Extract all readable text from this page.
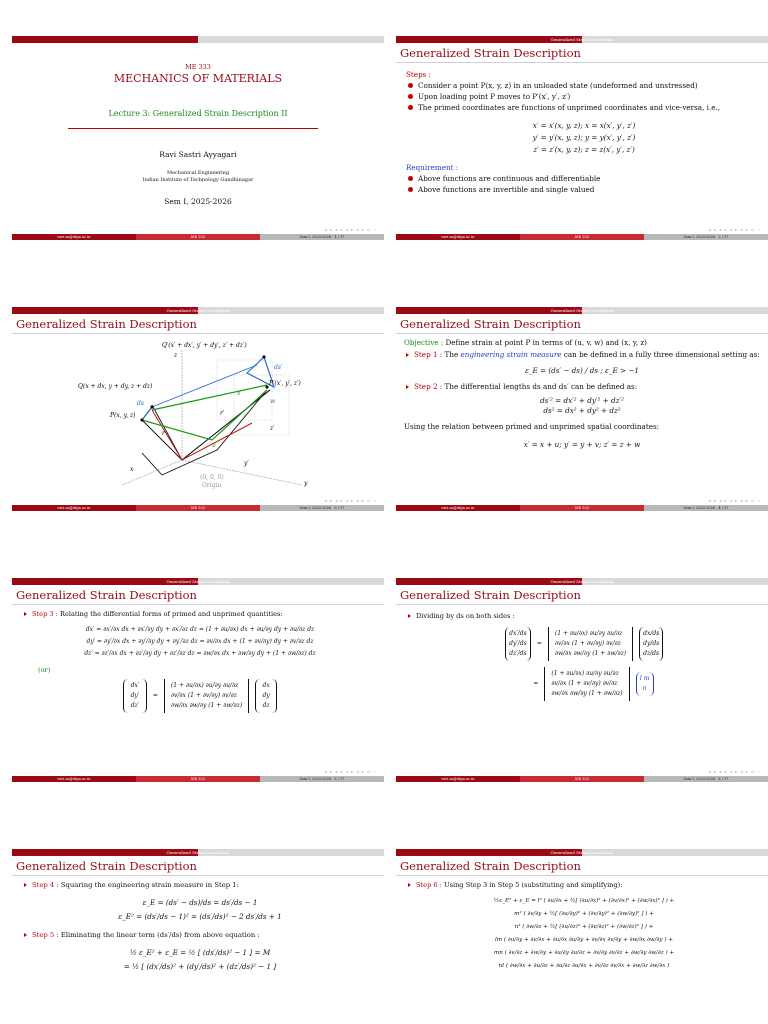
ME 333
MECHANICS OF MATERIALS
Lecture 3: Generalized Strain Description II
Ravi Sastri Ayyagari
Mechanical Engineering
Indian Institute of Technology Gandhinagar
Sem I, 2025-2026
◂ ▸ ◂ ▸ ◂ ▸ ◂ ▸ ↺ ∽
ravi.sa@iitgn.ac.in	ME 333	Sem I, 2025-2026 1 / 17
Generalized Strain Description
Generalized Strain Description
Steps :
Consider a point P(x, y, z) in an unloaded state (undeformed and unstressed)
Upon loading point P moves to P′(x′, y′, z′)
The primed coordinates are functions of unprimed coordinates and vice-versa, i.e.,
x′ = x′(x, y, z); x = x(x′, y′, z′)
y′ = y′(x, y, z); y = y(x′, y′, z′)
z′ = z′(x, y, z); z = z(x′, y′, z′)
Requirement :
Above functions are continuous and differentiable
Above functions are invertible and single valued
◂ ▸ ◂ ▸ ◂ ▸ ◂ ▸ ↺ ∽
ravi.sa@iitgn.ac.in	ME 333	Sem I, 2025-2026 2 / 17
Generalized Strain Description
Generalized Strain Description
Q′(x′ + dx′, y′ + dy′, z′ + dz′)
Q(x + dx, y + dy, z + dz)
P(x, y, z)
P′(x′, y′, z′)
ds
ds′
w
v
u
r
r′
z′
y′
z
x
y
(0, 0, 0)
Origin
◂ ▸ ◂ ▸ ◂ ▸ ◂ ▸ ↺ ∽
ravi.sa@iitgn.ac.in	ME 333	Sem I, 2025-2026 3 / 17
Generalized Strain Description
Generalized Strain Description
Objective : Define strain at point P in terms of (u, v, w) and (x, y, z)
Step 1 : The engineering strain measure can be defined in a fully three dimensional setting as:
ε_E = (ds′ − ds) / ds ; ε_E > −1
Step 2 : The differential lengths ds and ds′ can be defined as:
ds′² = dx′² + dy′² + dz′²
ds² = dx² + dy² + dz²
Using the relation between primed and unprimed spatial coordinates:
x′ = x + u; y′ = y + v; z′ = z + w
◂ ▸ ◂ ▸ ◂ ▸ ◂ ▸ ↺ ∽
ravi.sa@iitgn.ac.in	ME 333	Sem I, 2025-2026 4 / 17
Generalized Strain Description
Generalized Strain Description
Step 3 : Relating the differential forms of primed and unprimed quantities:
dx′ = ∂x′/∂x dx + ∂x′/∂y dy + ∂x′/∂z dz = (1 + ∂u/∂x) dx + ∂u/∂y dy + ∂u/∂z dz
dy′ = ∂y′/∂x dx + ∂y′/∂y dy + ∂y′/∂z dz = ∂v/∂x dx + (1 + ∂v/∂y) dy + ∂v/∂z dz
dz′ = ∂z′/∂x dx + ∂z′/∂y dy + ∂z′/∂z dz = ∂w/∂x dx + ∂w/∂y dy + (1 + ∂w/∂z) dz
(or)
dx′ dy′ dz′
=
(1 + ∂u/∂x) ∂u/∂y ∂u/∂z
∂v/∂x (1 + ∂v/∂y) ∂v/∂z
∂w/∂x ∂w/∂y (1 + ∂w/∂z)
dx dy dz
◂ ▸ ◂ ▸ ◂ ▸ ◂ ▸ ↺ ∽
ravi.sa@iitgn.ac.in	ME 333	Sem I, 2025-2026 5 / 17
Generalized Strain Description
Generalized Strain Description
Dividing by ds on both sides :
dx′/ds dy′/ds dz′/ds
=
(1 + ∂u/∂x) ∂u/∂y ∂u/∂z
∂v/∂x (1 + ∂v/∂y) ∂v/∂z
∂w/∂x ∂w/∂y (1 + ∂w/∂z)
dx/ds dy/ds dz/ds
=
(1 + ∂u/∂x) ∂u/∂y ∂u/∂z
∂v/∂x (1 + ∂v/∂y) ∂v/∂z
∂w/∂x ∂w/∂y (1 + ∂w/∂z)
l m n
◂ ▸ ◂ ▸ ◂ ▸ ◂ ▸ ↺ ∽
ravi.sa@iitgn.ac.in	ME 333	Sem I, 2025-2026 6 / 17
Generalized Strain Description
Generalized Strain Description
Step 4 : Squaring the engineering strain measure in Step 1:
ε_E = (ds′ − ds)/ds = ds′/ds − 1
ε_E² = (ds′/ds − 1)² = (ds′/ds)² − 2 ds′/ds + 1
Step 5 : Eliminating the linear term (ds′/ds) from above equation :
½ ε_E² + ε_E = ½ [ (ds′/ds)² − 1 ] = M
= ½ [ (dx′/ds)² + (dy′/ds)² + (dz′/ds)² − 1 ]
Generalized Strain Description
Generalized Strain Description
Step 6 : Using Step 3 in Step 5 (substituting and simplifying):
½ε_E² + ε_E = l² ( ∂u/∂x + ½[ (∂u/∂x)² + (∂v/∂x)² + (∂w/∂x)² ] ) +
m² ( ∂v/∂y + ½[ (∂u/∂y)² + (∂v/∂y)² + (∂w/∂y)² ] ) +
n² ( ∂w/∂z + ½[ (∂u/∂z)² + (∂v/∂z)² + (∂w/∂z)² ] ) +
lm ( ∂u/∂y + ∂v/∂x + ∂u/∂x ∂u/∂y + ∂v/∂x ∂v/∂y + ∂w/∂x ∂w/∂y ) +
mn ( ∂v/∂z + ∂w/∂y + ∂u/∂y ∂u/∂z + ∂v/∂y ∂v/∂z + ∂w/∂y ∂w/∂z ) +
nl ( ∂w/∂x + ∂u/∂z + ∂u/∂z ∂u/∂x + ∂v/∂z ∂v/∂x + ∂w/∂z ∂w/∂x )
